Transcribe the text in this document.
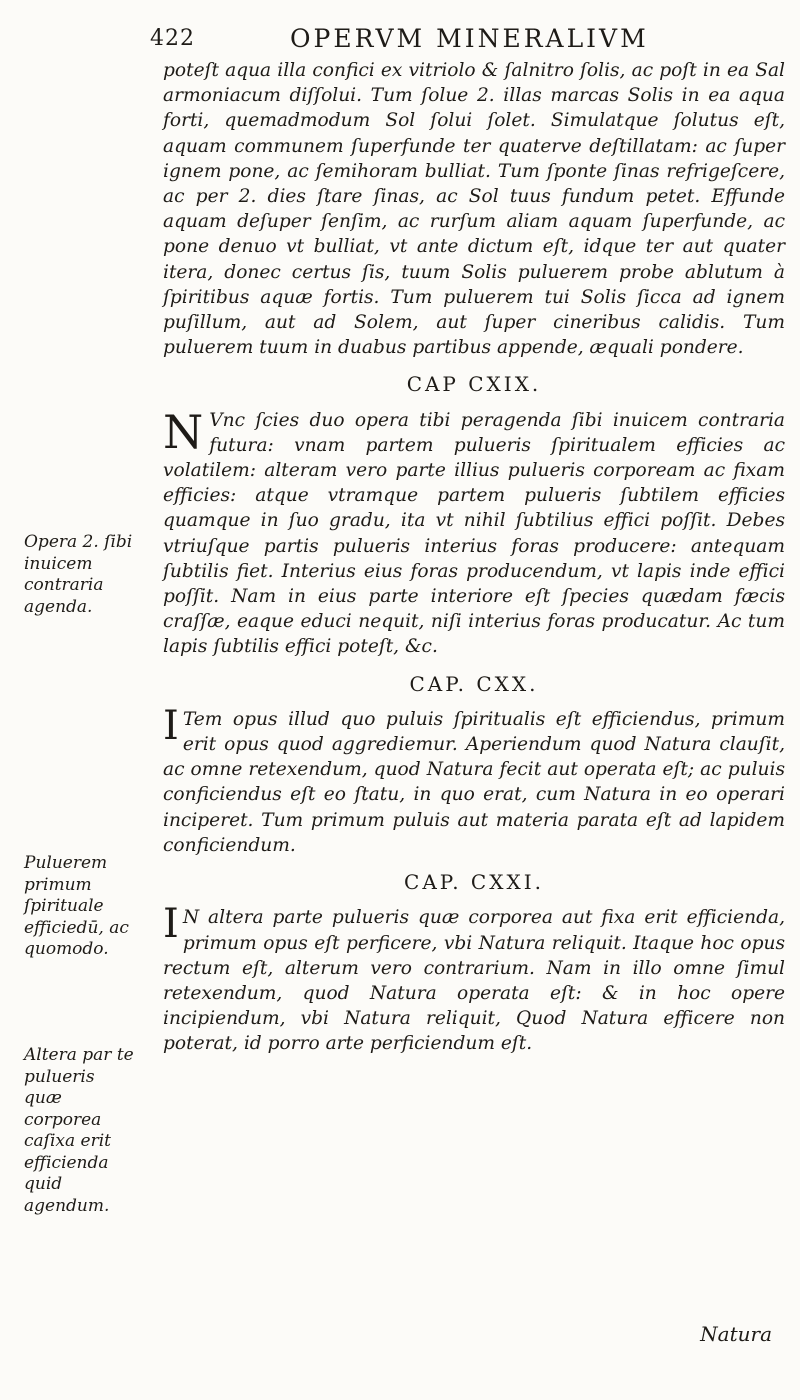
422	OPERVM MINERALIVM

poteſt aqua illa confici ex vitriolo & ſalnitro ſolis, ac poſt in ea Sal armoniacum diſſolui. Tum ſolue 2. illas marcas Solis in ea aqua forti, quemadmodum Sol ſolui ſolet. Simulatque ſolutus eſt, aquam communem ſuperfunde ter quaterve deſtillatam: ac ſuper ignem pone, ac ſemihoram bulliat. Tum ſponte ſinas refrigeſcere, ac per 2. dies ſtare ſinas, ac Sol tuus fundum petet. Effunde aquam deſuper ſenſim, ac rurſum aliam aquam ſuperfunde, ac pone denuo vt bulliat, vt ante dictum eſt, idque ter aut quater itera, donec certus ſis, tuum Solis puluerem probe ablutum à ſpiritibus aquæ fortis. Tum puluerem tui Solis ſicca ad ignem puſillum, aut ad Solem, aut ſuper cineribus calidis. Tum puluerem tuum in duabus partibus appende, æquali pondere.

CAP CXIX.

N Vnc ſcies duo opera tibi peragenda ſibi inuicem contraria futura: vnam partem pulueris ſpiritualem efficies ac volatilem: alteram vero parte illius pulueris corpoream ac fixam efficies: atque vtramque partem pulueris ſubtilem efficies quamque in ſuo gradu, ita vt nihil ſubtilius effici poſſit. Debes vtriuſque partis pulueris interius foras producere: antequam ſubtilis fiet. Interius eius foras producendum, vt lapis inde effici poſſit. Nam in eius parte interiore eſt ſpecies quædam fæcis craſſæ, eaque educi nequit, niſi interius foras producatur. Ac tum lapis ſubtilis effici poteſt, &c.

CAP. CXX.

I Tem opus illud quo puluis ſpiritualis eſt efficiendus, primum erit opus quod aggrediemur. Aperiendum quod Natura clauſit, ac omne retexendum, quod Natura fecit aut operata eſt; ac puluis conficiendus eſt eo ſtatu, in quo erat, cum Natura in eo operari inciperet. Tum primum puluis aut materia parata eſt ad lapidem conficiendum.

CAP. CXXI.

I N altera parte pulueris quæ corporea aut fixa erit efficienda, primum opus eſt perficere, vbi Natura reliquit. Itaque hoc opus rectum eſt, alterum vero contrarium. Nam in illo omne ſimul retexendum, quod Natura operata eſt: & in hoc opere incipiendum, vbi Natura reliquit, Quod Natura efficere non poterat, id porro arte perficiendum eſt.

Opera 2. ſibi inuicem contraria agenda.
Puluerem primum ſpirituale efficiedū, ac quomodo.
Altera par te pulueris quæ corporea caſixa erit efficienda quid agendum.
Natura
